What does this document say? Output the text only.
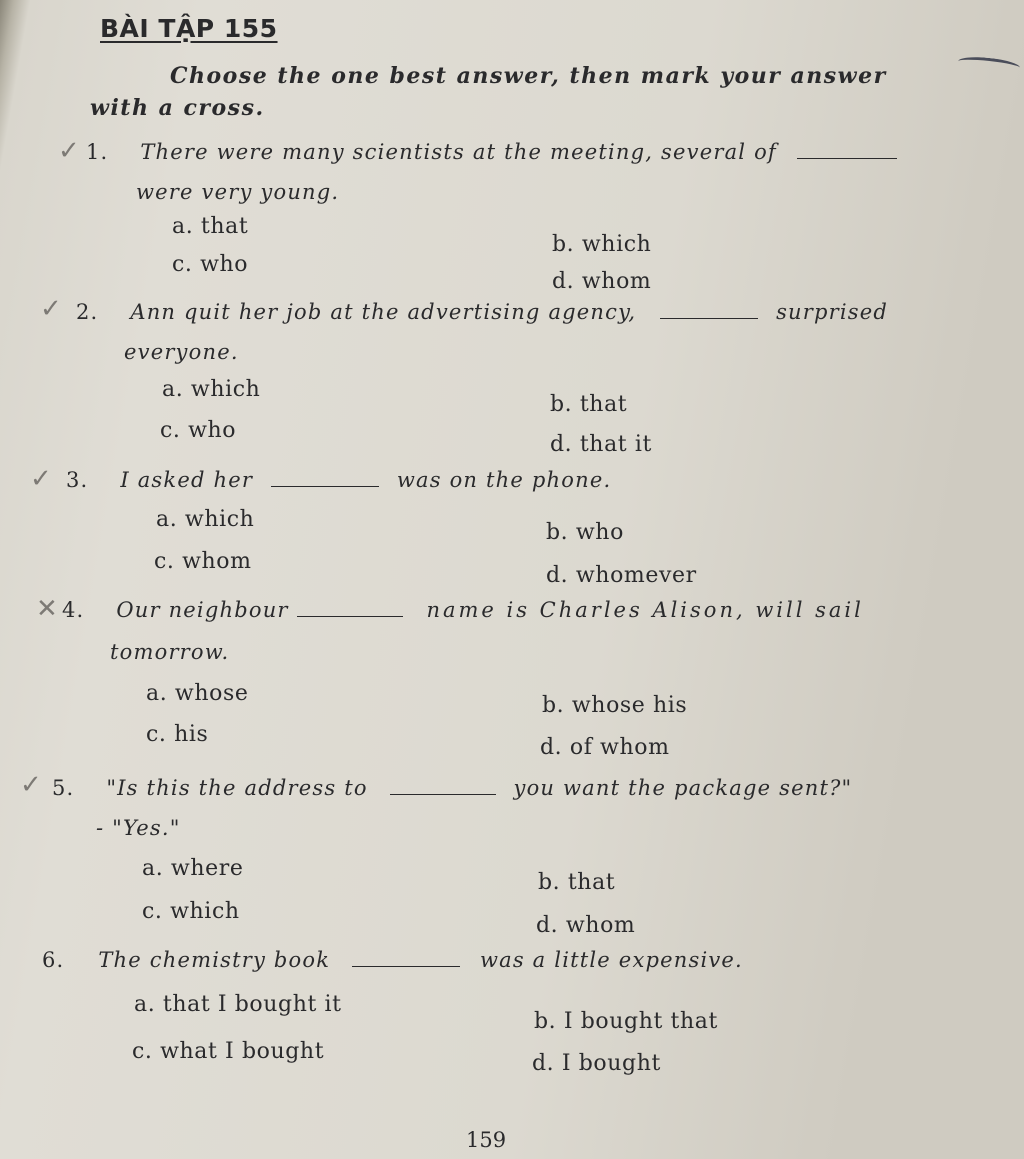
BÀI TẬP 155
Choose the one best answer, then mark your answer with a cross.
✓ 1. There were many scientists at the meeting, several of
were very young.
a. that
b. which
c. who
d. whom
✓ 2. Ann quit her job at the advertising agency,	surprised
everyone.
a. which
b. that
c. who
d. that it
✓ 3. I asked her	was on the phone.
a. which
b. who
c. whom
d. whomever
✕ 4. Our neighbour	name is Charles Alison, will sail
tomorrow.
a. whose	b. whose his
c. his
d. of whom
✓ 5. "Is this the address to	you want the package sent?"
- "Yes."
a. where
b. that
c. which
d. whom
6. The chemistry book	was a little expensive.
a. that I bought it
b. I bought that
c. what I bought	d. I bought
159
